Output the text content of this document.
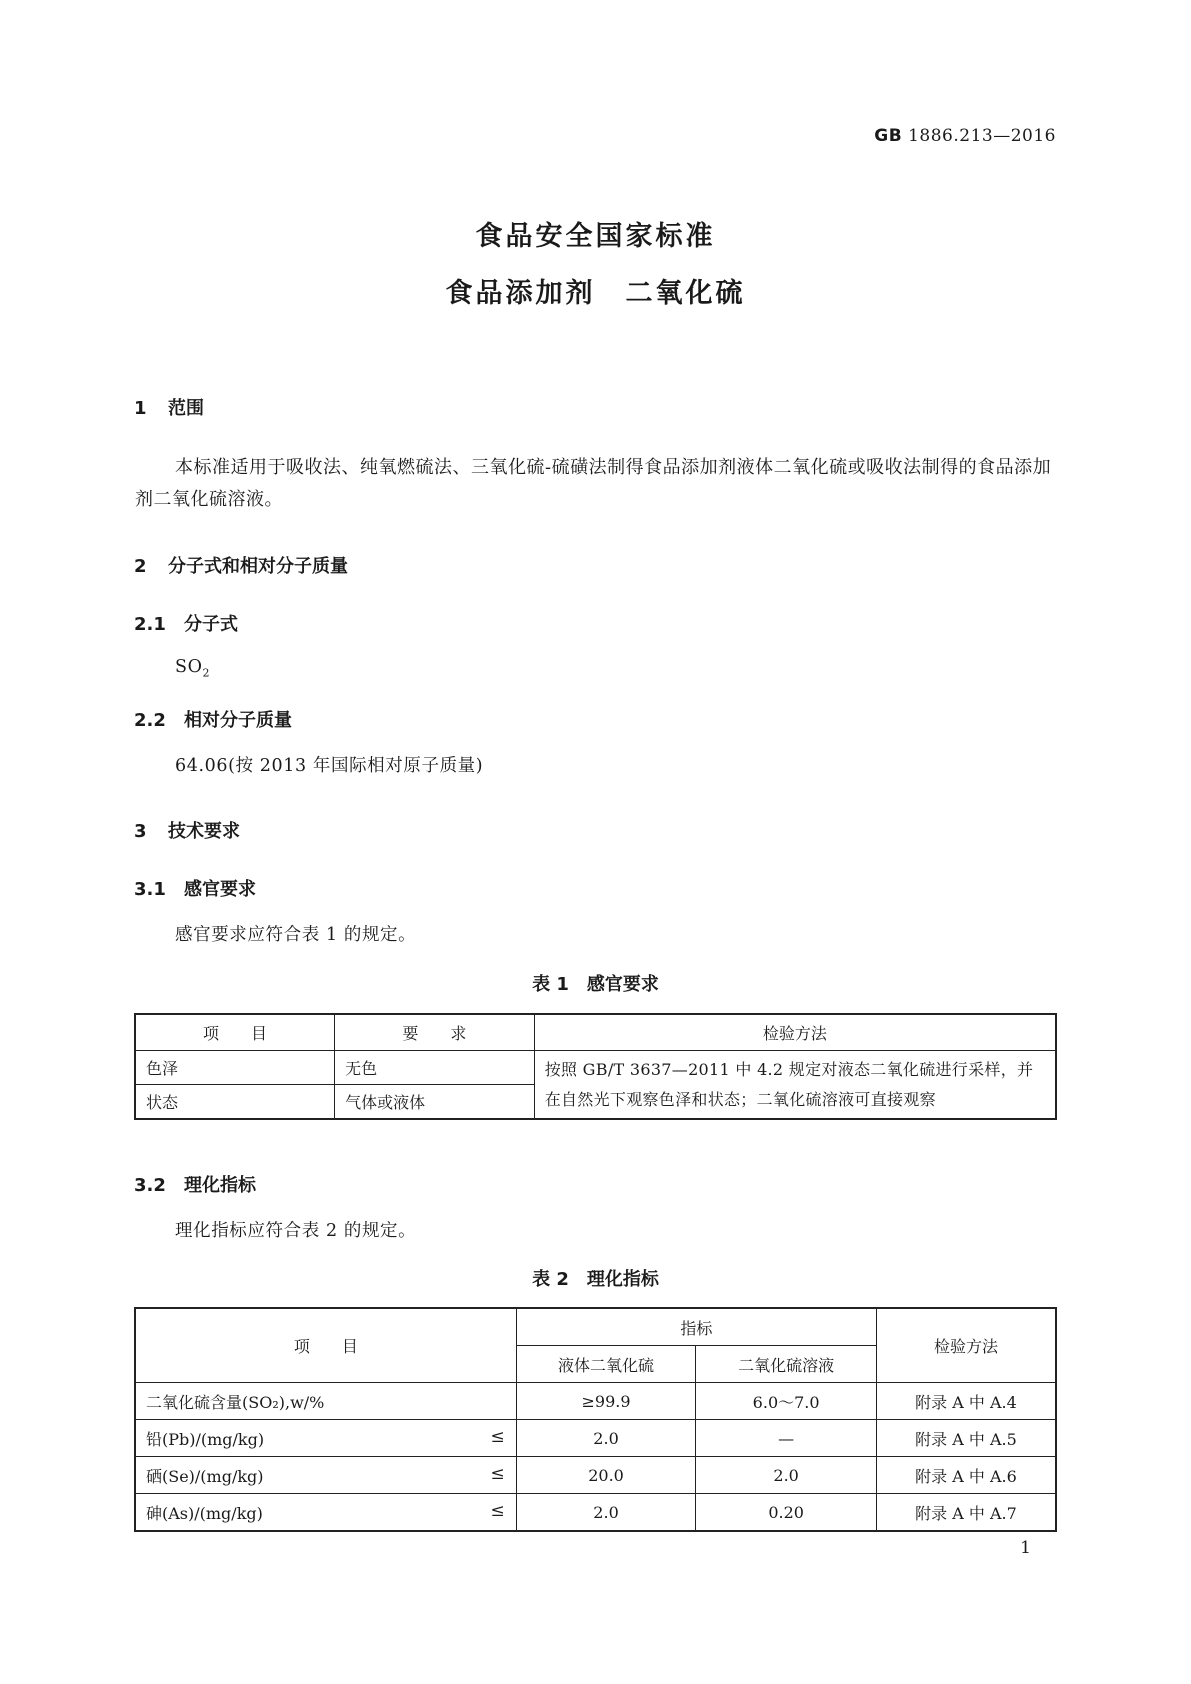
GB 1886.213—2016
食品安全国家标准
食品添加剂　二氧化硫
1 范围
本标准适用于吸收法、纯氧燃硫法、三氧化硫-硫磺法制得食品添加剂液体二氧化硫或吸收法制得的食品添加剂二氧化硫溶液。
2 分子式和相对分子质量
2.1 分子式
$SO_2$
2.2 相对分子质量
64.06(按 2013 年国际相对原子质量)
3 技术要求
3.1 感官要求
感官要求应符合表 1 的规定。
表 1　感官要求
项　　目	要　　求	检验方法
色泽	无色	按照 GB/T 3637—2011 中 4.2 规定对液态二氧化硫进行采样，并在自然光下观察色泽和状态；二氧化硫溶液可直接观察
状态	气体或液体	
3.2 理化指标
理化指标应符合表 2 的规定。
表 2　理化指标
项　　目	指标		检验方法
	液体二氧化硫	二氧化硫溶液	
二氧化硫含量(SO₂),w/%	≥99.9	6.0～7.0	附录 A 中 A.4
铅(Pb)/(mg/kg) ≤	2.0	—	附录 A 中 A.5
硒(Se)/(mg/kg) ≤	20.0	2.0	附录 A 中 A.6
砷(As)/(mg/kg) ≤	2.0	0.20	附录 A 中 A.7
1
